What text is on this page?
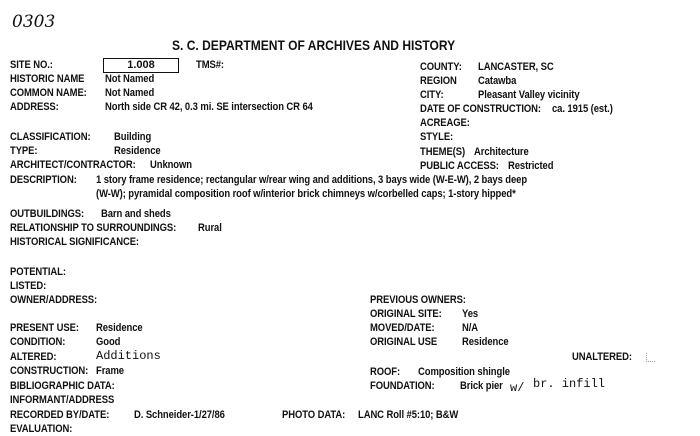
0303
S. C. DEPARTMENT OF ARCHIVES AND HISTORY
SITE NO.:	1.008	TMS#:	COUNTY: LANCASTER, SC
HISTORIC NAME Not Named	REGION Catawba
COMMON NAME: Not Named	CITY:	Pleasant Valley vicinity
ADDRESS:	North side CR 42, 0.3 mi. SE intersection CR 64	DATE OF CONSTRUCTION: ca. 1915 (est.)
ACREAGE:
CLASSIFICATION: Building	STYLE:
TYPE:	Residence	THEME(S) Architecture
ARCHITECT/CONTRACTOR: Unknown	PUBLIC ACCESS: Restricted
DESCRIPTION: 1 story frame residence; rectangular w/rear wing and additions, 3 bays wide (W-E-W), 2 bays deep
(W-W); pyramidal composition roof w/interior brick chimneys w/corbelled caps; 1-story hipped*
OUTBUILDINGS: Barn and sheds
RELATIONSHIP TO SURROUNDINGS: Rural
HISTORICAL SIGNIFICANCE:
POTENTIAL:
LISTED:
OWNER/ADDRESS:	PREVIOUS OWNERS:
ORIGINAL SITE: Yes
PRESENT USE: Residence	MOVED/DATE: N/A
CONDITION:	Good	ORIGINAL USE Residence
ALTERED:	Additions	UNALTERED:
CONSTRUCTION: Frame	ROOF: Composition shingle
BIBLIOGRAPHIC DATA:	FOUNDATION: Brick pier w/ br. infill
INFORMANT/ADDRESS
RECORDED BY/DATE: D. Schneider-1/27/86	PHOTO DATA: LANC Roll #5:10; B&W
EVALUATION:
